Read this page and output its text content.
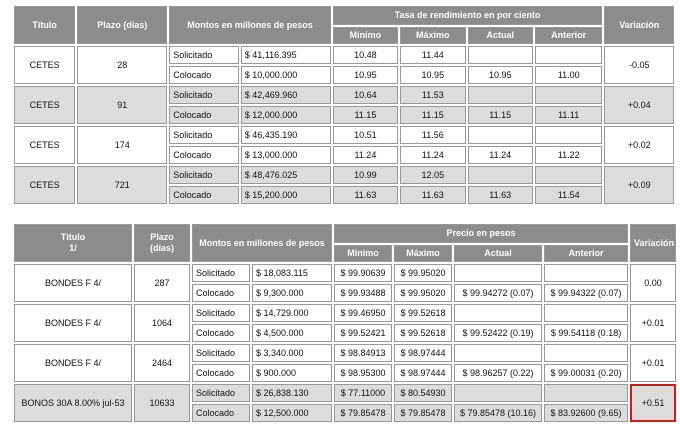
Título	Plazo (días)	Montos en millones de pesos		Tasa de rendimiento en por ciento				Variación
				Mínimo	Máximo	Actual	Anterior	
CETES	28	Solicitado	$ 41,116.395	10.48	11.44			-0.05
		Colocado	$ 10,000.000	10.95	10.95	10.95	11.00	
CETES	91	Solicitado	$ 42,469.960	10.64	11.53			+0.04
		Colocado	$ 12,000.000	11.15	11.15	11.15	11.11	
CETES	174	Solicitado	$ 46,435.190	10.51	11.56			+0.02
		Colocado	$ 13,000.000	11.24	11.24	11.24	11.22	
CETES	721	Solicitado	$ 48,476.025	10.99	12.05			+0.09
		Colocado	$ 15,200.000	11.63	11.63	11.63	11.54	
Título
1/	Plazo (días)	Montos en millones de pesos		Precio en pesos				Variación
				Mínimo	Máximo	Actual	Anterior	
BONDES F 4/	287	Solicitado	$ 18,083.115	$ 99.90639	$ 99.95020			0.00
		Colocado	$ 9,300.000	$ 99.93488	$ 99.95020	$ 99.94272 (0.07)	$ 99.94322 (0.07)	
BONDES F 4/	1064	Solicitado	$ 14,729.000	$ 99.46950	$ 99.52618			+0.01
		Colocado	$ 4,500.000	$ 99.52421	$ 99.52618	$ 99.52422 (0.19)	$ 99.54118 (0.18)	
BONDES F 4/	2464	Solicitado	$ 3,340.000	$ 98.84913	$ 98.97444			+0.01
		Colocado	$ 900.000	$ 98.95300	$ 98.97444	$ 98.96257 (0.22)	$ 99.00031 (0.20)	
BONOS 30A 8.00% jul-53	10633	Solicitado	$ 26,838.130	$ 77.11000	$ 80.54930			+0.51
		Colocado	$ 12,500.000	$ 79.85478	$ 79.85478	$ 79.85478 (10.16)	$ 83.92600 (9.65)	
